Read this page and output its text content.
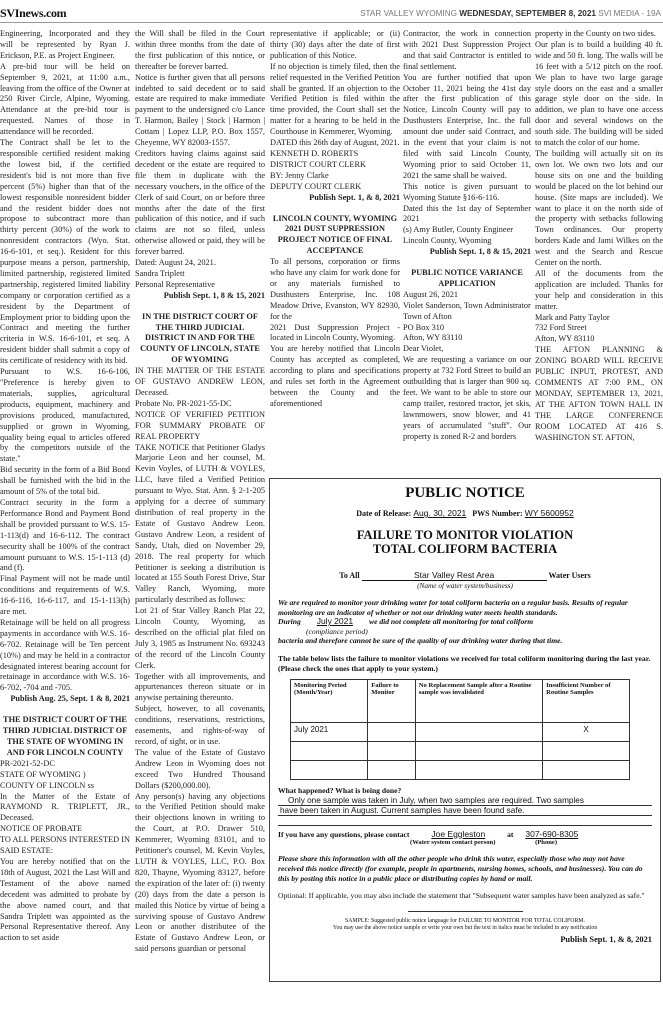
SVInews.com	STAR VALLEY WYOMING WEDNESDAY, SEPTEMBER 8, 2021 SVI MEDIA - 19A

Engineering, Incorporated and they will be represented by Ryan J. Erickson, P.E. as Project Engineer.

A pre-bid tour will be held on September 9, 2021, at 11:00 a.m., leaving from the office of the Owner at 250 River Circle, Alpine, Wyoming. Attendance at the pre-bid tour is requested. Names of those in attendance will be recorded.

The Contract shall be let to the responsible certified resident making the lowest bid, if the certified resident's bid is not more than five percent (5%) higher than that of the lowest responsible nonresident bidder and the resident bidder does not propose to subcontract more than thirty percent (30%) of the work to nonresident contractors (Wyo. Stat. 16-6-101, et seq.). Resident for this purpose means a person, partnership, limited partnership, registered limited partnership, registered limited liability company or corporation certified as a resident by the Department of Employment prior to bidding upon the Contract and meeting the further criteria in W.S. 16-6-101, et seq. A resident bidder shall submit a copy of its certificate of residency with its bid.

Pursuant to W.S. 16-6-106, "Preference is hereby given to materials, supplies, agricultural products, equipment, machinery and provisions produced, manufactured, supplied or grown in Wyoming, quality being equal to articles offered by the competitors outside of the state."

Bid security in the form of a Bid Bond shall be furnished with the bid in the amount of 5% of the total bid.

Contract security in the form a Performance Bond and Payment Bond shall be provided pursuant to W.S. 15-1-113(d) and 16-6-112. The contract security shall be 100% of the contract amount pursuant to W.S. 15-1-113 (d) and (f).

Final Payment will not be made until conditions and requirements of W.S. 16-6-116, 16-6-117, and 15-1-113(h) are met.

Retainage will be held on all progress payments in accordance with W.S. 16-6-702. Retainage will be Ten percent (10%) and may be held in a contractor designated interest bearing account for retainage in accordance with W.S. 16-6-702, -704 and -705.

Publish Aug. 25, Sept. 1 & 8, 2021

THE DISTRICT COURT OF THE THIRD JUDICIAL DISTRICT OF THE STATE OF WYOMING IN AND FOR LINCOLN COUNTY

PR-2021-52-DC

STATE OF WYOMING )

COUNTY OF LINCOLN ss

In the Matter of the Estate of RAYMOND R. TRIPLETT, JR., Deceased.

NOTICE OF PROBATE

TO ALL PERSONS INTERESTED IN SAID ESTATE:

You are hereby notified that on the 18th of August, 2021 the Last Will and Testament of the above named decedent was admitted to probate by the above named court, and that Sandra Triplett was appointed as the Personal Representative thereof. Any action to set aside

the Will shall be filed in the Court within three months from the date of the first publication of this notice, or thereafter be forever barred.

Notice is further given that all persons indebted to said decedent or to said estate are required to make immediate payment to the undersigned c/o Lance T. Harmon, Bailey | Stock | Harmon | Cottam | Lopez LLP, P.O. Box 1557, Cheyenne, WY 82003-1557.

Creditors having claims against said decedent or the estate are required to file them in duplicate with the necessary vouchers, in the office of the Clerk of said Court, on or before three months after the date of the first publication of this notice, and if such claims are not so filed, unless otherwise allowed or paid, they will be forever barred.

Dated: August 24, 2021.

Sandra Triplett

Personal Representative

Publish Sept. 1, 8 & 15, 2021

IN THE DISTRICT COURT OF THE THIRD JUDICIAL DISTRICT IN AND FOR THE COUNTY OF LINCOLN, STATE OF WYOMING

IN THE MATTER OF THE ESTATE OF GUSTAVO ANDREW LEON, Deceased.

Probate No. PR-2021-55-DC

NOTICE OF VERIFIED PETITION FOR SUMMARY PROBATE OF REAL PROPERTY

TAKE NOTICE that Petitioner Gladys Marjorie Leon and her counsel, M. Kevin Voyles, of LUTH & VOYLES, LLC, have filed a Verified Petition pursuant to Wyo. Stat. Ann. § 2-1-205 applying for a decree of summary distribution of real property in the Estate of Gustavo Andrew Leon. Gustavo Andrew Leon, a resident of Sandy, Utah, died on November 29, 2018. The real property for which Petitioner is seeking a distribution is located at 155 South Forest Drive, Star Valley Ranch, Wyoming, more particularly described as follows:

Lot 21 of Star Valley Ranch Plat 22, Lincoln County, Wyoming, as described on the official plat filed on July 3, 1985 as Instrument No. 693243 of the record of the Lincoln County Clerk.

Together with all improvements, and appurtenances thereon situate or in anywise pertaining thereunto.

Subject, however, to all covenants, conditions, reservations, restrictions, easements, and rights-of-way of record, of sight, or in use.

The value of the Estate of Gustavo Andrew Leon in Wyoming does not exceed Two Hundred Thousand Dollars ($200,000.00).

Any person(s) having any objections to the Verified Petition should make their objections known in writing to the Court, at P.O. Drawer 510, Kemmerer, Wyoming 83101, and to Petitioner's counsel, M. Kevin Voyles, LUTH & VOYLES, LLC, P.O. Box 820, Thayne, Wyoming 83127, before the expiration of the later of: (i) twenty (20) days from the date a person is mailed this Notice by virtue of being a surviving spouse of Gustavo Andrew Leon or another distributee of the Estate of Gustavo Andrew Leon, or said persons guardian or personal

representative if applicable; or (ii) thirty (30) days after the date of first publication of this Notice.

If no objection is timely filed, then the relief requested in the Verified Petition shall be granted. If an objection to the Verified Petition is filed within the time provided, the Court shall set the matter for a hearing to be held in the Courthouse in Kemmerer, Wyoming.

DATED this 26th day of August, 2021.

KENNETH D. ROBERTS

DISTRICT COURT CLERK

BY: Jenny Clarke

DEPUTY COURT CLERK

Publish Sept. 1, & 8, 2021

LINCOLN COUNTY, WYOMING 2021 DUST SUPPRESSION PROJECT NOTICE OF FINAL ACCEPTANCE

To all persons, corporation or firms who have any claim for work done for or any materials furnished to Dusthusters Enterprise, Inc. 108 Meadow Drive, Evanston, WY 82930, for the

2021 Dust Suppression Project - located in Lincoln County, Wyoming.

You are hereby notified that Lincoln County has accepted as completed, according to plans and specifications and rules set forth in the Agreement between the County and the aforementioned

Contractor, the work in connection with 2021 Dust Suppression Project and that said Contractor is entitled to final settlement.

You are further notified that upon October 11, 2021 being the 41st day after the first publication of this Notice, Lincoln County will pay to Dusthusters Enterprise, Inc. the full amount due under said Contract, and in the event that your claim is not filed with said Lincoln County, Wyoming prior to said October 11, 2021 the same shall be waived.

This notice is given pursuant to Wyoming Statute §16-6-116.

Dated this the 1st day of September 2021

(s) Amy Butler, County Engineer

Lincoln County, Wyoming

Publish Sept. 1, 8 & 15, 2021

PUBLIC NOTICE VARIANCE APPLICATION

August 26, 2021

Violet Sanderson, Town Administrator

Town of Afton

PO Box 310

Afton, WY 83110

Dear Violet,

We are requesting a variance on our property at 732 Ford Street to build an outbuilding that is larger than 900 sq. feet. We want to be able to store our camp trailer, restored tractor, jet skis, lawnmowers, snow blower, and 41 years of accumulated "stuff". Our property is zoned R-2 and borders

property in the County on two sides.

Our plan is to build a building 40 ft. wide and 50 ft. long. The walls will be 16 feet with a 5/12 pitch on the roof. We plan to have two large garage style doors on the east and a smaller garage style door on the side. In addition, we plan to have one access door and several windows on the south side. The building will be sided to match the color of our home.

The building will actually sit on its own lot. We own two lots and our house sits on one and the building would be placed on the lot behind our house. (Site maps are included). We want to place it on the north side of the property with setbacks following Town ordinances. Our property borders Kade and Jami Wilkes on the west and the Search and Rescue Center on the north.

All of the documents from the application are included. Thanks for your help and consideration in this matter.

Mark and Patty Taylor

732 Ford Street

Afton, WY 83110

THE AFTON PLANNING & ZONING BOARD WILL RECEIVE PUBLIC INPUT, PROTEST, AND COMMENTS AT 7:00 P.M., ON MONDAY, SEPTEMBER 13, 2021, AT THE AFTON TOWN HALL IN THE LARGE CONFERENCE ROOM LOCATED AT 416 S. WASHINGTON ST. AFTON,

PUBLIC NOTICE
Date of Release: Aug. 30, 2021 PWS Number: WY 5600952
FAILURE TO MONITOR VIOLATION
TOTAL COLIFORM BACTERIA
To All	Star Valley Rest Area	Water Users
(Name of water system/business)
We are required to monitor your drinking water for total coliform bacteria on a regular basis. Results of regular monitoring are an indicator of whether or not our drinking water meets health standards.
During July 2021 we did not complete all monitoring for total coliform
(compliance period)
bacteria and therefore cannot be sure of the quality of our drinking water during that time.
The table below lists the failure to monitor violations we received for total coliform monitoring during the last year. (Please check the ones that apply to your system.)
Monitoring Period (Month/Year)	Failure to Monitor	No Replacement Sample after a Routine sample was invalidated	Insufficient Number of Routine Samples
July 2021			X

What happened? What is being done?
Only one sample was taken in July, when two samples are required. Two samples
have been taken in August. Current samples have been found safe.
If you have any questions, please contact	Joe Eggleston	at 307-690-8305
(Water system contact person)	(Phone)
Please share this information with all the other people who drink this water, especially those who may not have received this notice directly (for example, people in apartments, nursing homes, schools, and businesses). You can do this by posting this notice in a public place or distributing copies by hand or mail.
Optional: If applicable, you may also include the statement that "Subsequent water samples have been analyzed as safe."
SAMPLE: Suggested public notice language for FAILURE TO MONITOR FOR TOTAL COLIFORM.
You may use the above notice sample or write your own but the text in italics must be included in any notification
Publish Sept. 1, & 8, 2021
